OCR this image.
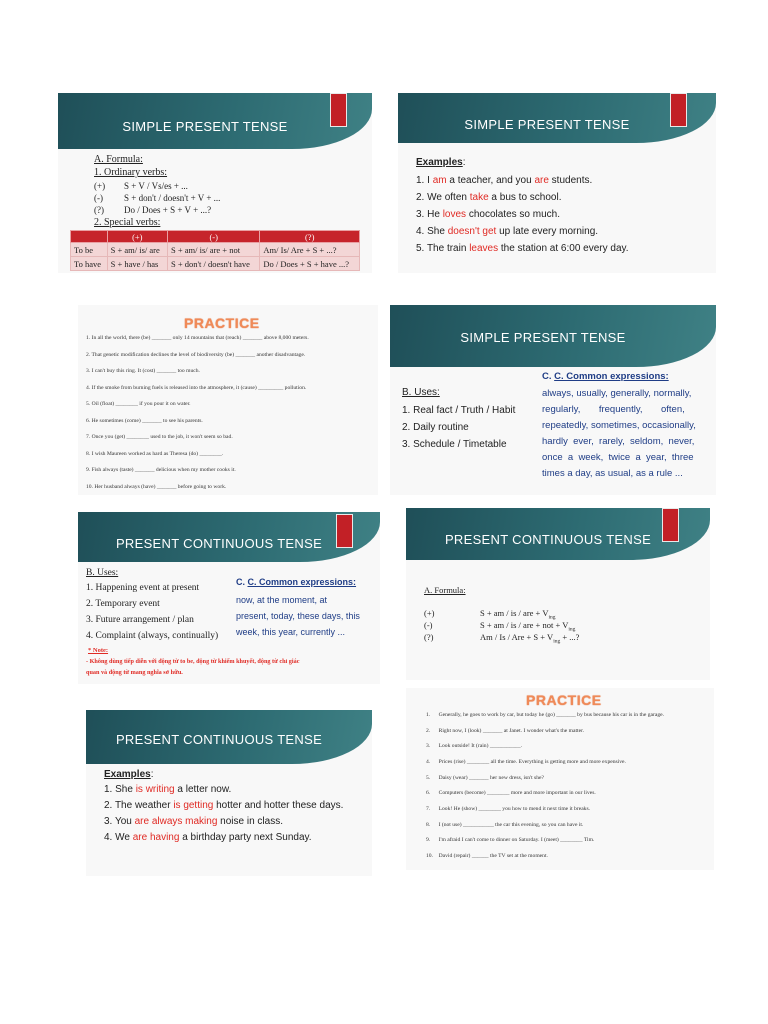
SIMPLE PRESENT TENSE
A. Formula:
1. Ordinary verbs:
(+) S + V / Vs/es + ...
(-) S + don't / doesn't + V + ...
(?) Do / Does + S + V + ...?
2. Special verbs:
	(+)	(-)	(?)
To be	S + am/ is/ are	S + am/ is/ are + not	Am/ Is/ Are + S + ...?
To have	S + have / has	S + don't / doesn't have	Do / Does + S + have ...?
SIMPLE PRESENT TENSE
Examples:
1. I am a teacher, and you are students.
2. We often take a bus to school.
3. He loves chocolates so much.
4. She doesn't get up late every morning.
5. The train leaves the station at 6:00 every day.
PRACTICE
1. In all the world, there (be) _______ only 14 mountains that (reach) _______ above 8,000 meters.
2. That genetic modification declines the level of biodiversity (be) _______ another disadvantage.
3. I can't buy this ring. It (cost) _______ too much.
4. If the smoke from burning fuels is released into the atmosphere, it (cause) _________ pollution.
5. Oil (float) ________ if you pour it on water.
6. He sometimes (come) _______ to see his parents.
7. Once you (get) ________ used to the job, it won't seem so bad.
8. I wish Maureen worked as hard as Theresa (do) ________.
9. Fish always (taste) _______ delicious when my mother cooks it.
10. Her husband always (have) _______ before going to work.
SIMPLE PRESENT TENSE
B. Uses:
1. Real fact / Truth / Habit
2. Daily routine
3. Schedule / Timetable
C. C. Common expressions:
always, usually, generally, normally,
regularly,       frequently,       often,
repeatedly, sometimes, occasionally,
hardly  ever,  rarely,  seldom,  never,
once  a  week,  twice  a  year,  three
times a day, as usual, as a rule ...
PRESENT CONTINUOUS TENSE
B. Uses:
1. Happening event at present
2. Temporary event
3. Future arrangement / plan
4. Complaint (always, continually)
C. C. Common expressions:
now, at the moment, at
present, today, these days, this
week, this year, currently ...
* Note:
- Không dùng tiếp diễn với động từ to be, động từ khiếm khuyết, động từ chỉ giác
quan và động từ mang nghĩa sở hữu.
PRESENT CONTINUOUS TENSE
A. Formula:
(+)	S + am / is / are + $V_{ing}$
(-)	S + am / is / are + not + $V_{ing}$
(?)	Am / Is / Are + $S + V_{ing}$ + ...?
PRESENT CONTINUOUS TENSE
Examples:
1. She is writing a letter now.
2. The weather is getting hotter and hotter these days.
3. You are always making noise in class.
4. We are having a birthday party next Sunday.
PRACTICE
1.      Generally, he goes to work by car, but today he (go) _______ by bus because his car is in the garage.
2.      Right now, I (look) _______ at Janet. I wonder what's the matter.
3.      Look outside! It (rain) ___________.
4.      Prices (rise) ________ all the time. Everything is getting more and more expensive.
5.      Daisy (wear) _______ her new dress, isn't she?
6.      Computers (become) ________ more and more important in our lives.
7.      Look! He (show) ________ you how to mend it next time it breaks.
8.      I (not use) ___________ the car this evening, so you can have it.
9.      I'm afraid I can't come to dinner on Saturday. I (meet) ________ Tim.
10.    David (repair) ______ the TV set at the moment.
